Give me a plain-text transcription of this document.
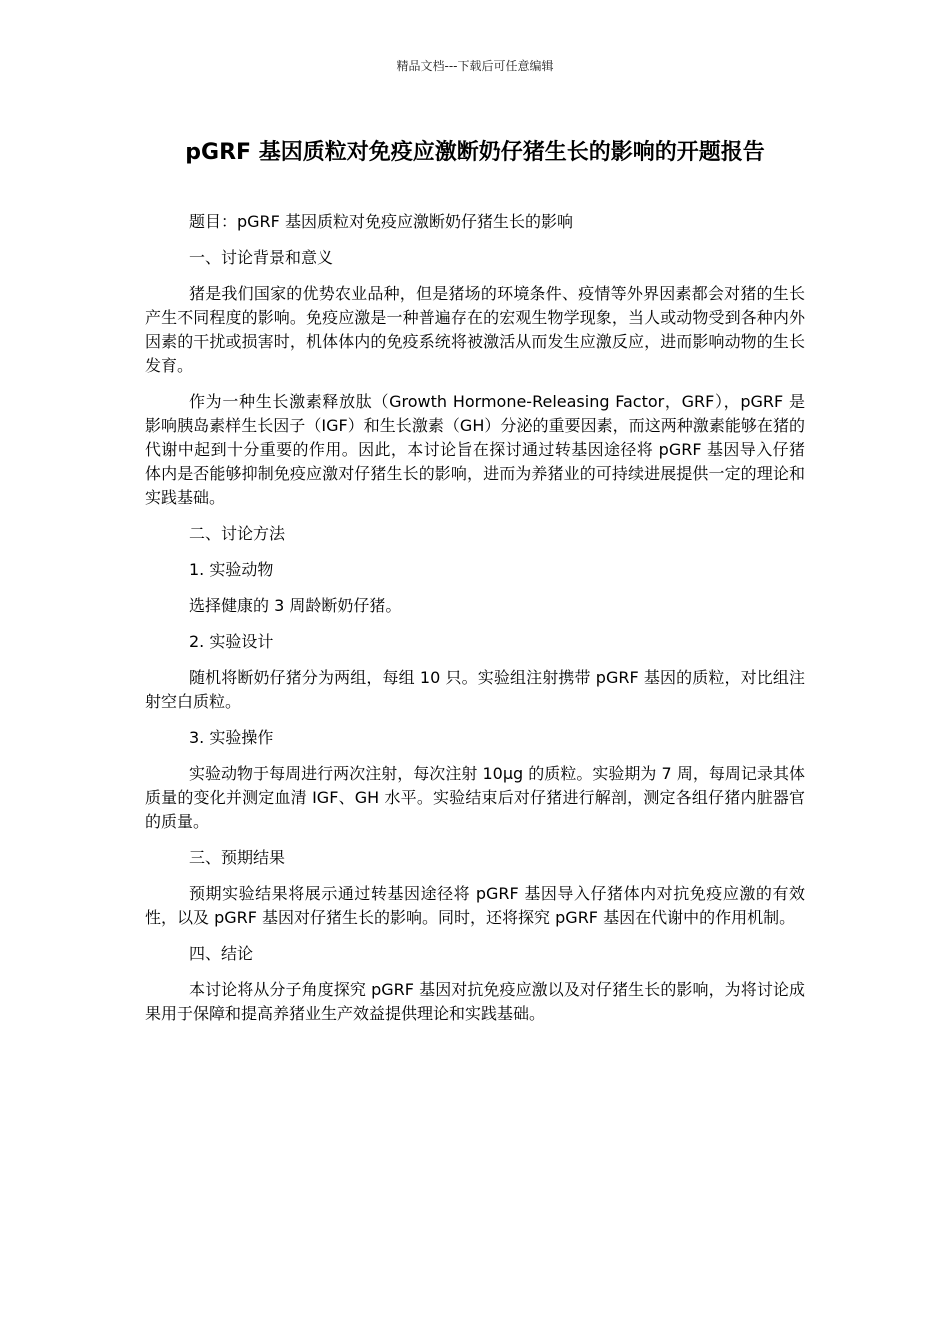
精品文档---下载后可任意编辑
pGRF 基因质粒对免疫应激断奶仔猪生长的影响的开题报告

题目：pGRF 基因质粒对免疫应激断奶仔猪生长的影响

一、讨论背景和意义

猪是我们国家的优势农业品种，但是猪场的环境条件、疫情等外界因素都会对猪的生长产生不同程度的影响。免疫应激是一种普遍存在的宏观生物学现象，当人或动物受到各种内外因素的干扰或损害时，机体体内的免疫系统将被激活从而发生应激反应，进而影响动物的生长发育。

作为一种生长激素释放肽（Growth Hormone-Releasing Factor，GRF），pGRF 是影响胰岛素样生长因子（IGF）和生长激素（GH）分泌的重要因素，而这两种激素能够在猪的代谢中起到十分重要的作用。因此，本讨论旨在探讨通过转基因途径将 pGRF 基因导入仔猪体内是否能够抑制免疫应激对仔猪生长的影响，进而为养猪业的可持续进展提供一定的理论和实践基础。

二、讨论方法

1. 实验动物

选择健康的 3 周龄断奶仔猪。

2. 实验设计

随机将断奶仔猪分为两组，每组 10 只。实验组注射携带 pGRF 基因的质粒，对比组注射空白质粒。

3. 实验操作

实验动物于每周进行两次注射，每次注射 10μg 的质粒。实验期为 7 周，每周记录其体质量的变化并测定血清 IGF、GH 水平。实验结束后对仔猪进行解剖，测定各组仔猪内脏器官的质量。

三、预期结果

预期实验结果将展示通过转基因途径将 pGRF 基因导入仔猪体内对抗免疫应激的有效性，以及 pGRF 基因对仔猪生长的影响。同时，还将探究 pGRF 基因在代谢中的作用机制。

四、结论

本讨论将从分子角度探究 pGRF 基因对抗免疫应激以及对仔猪生长的影响，为将讨论成果用于保障和提高养猪业生产效益提供理论和实践基础。
